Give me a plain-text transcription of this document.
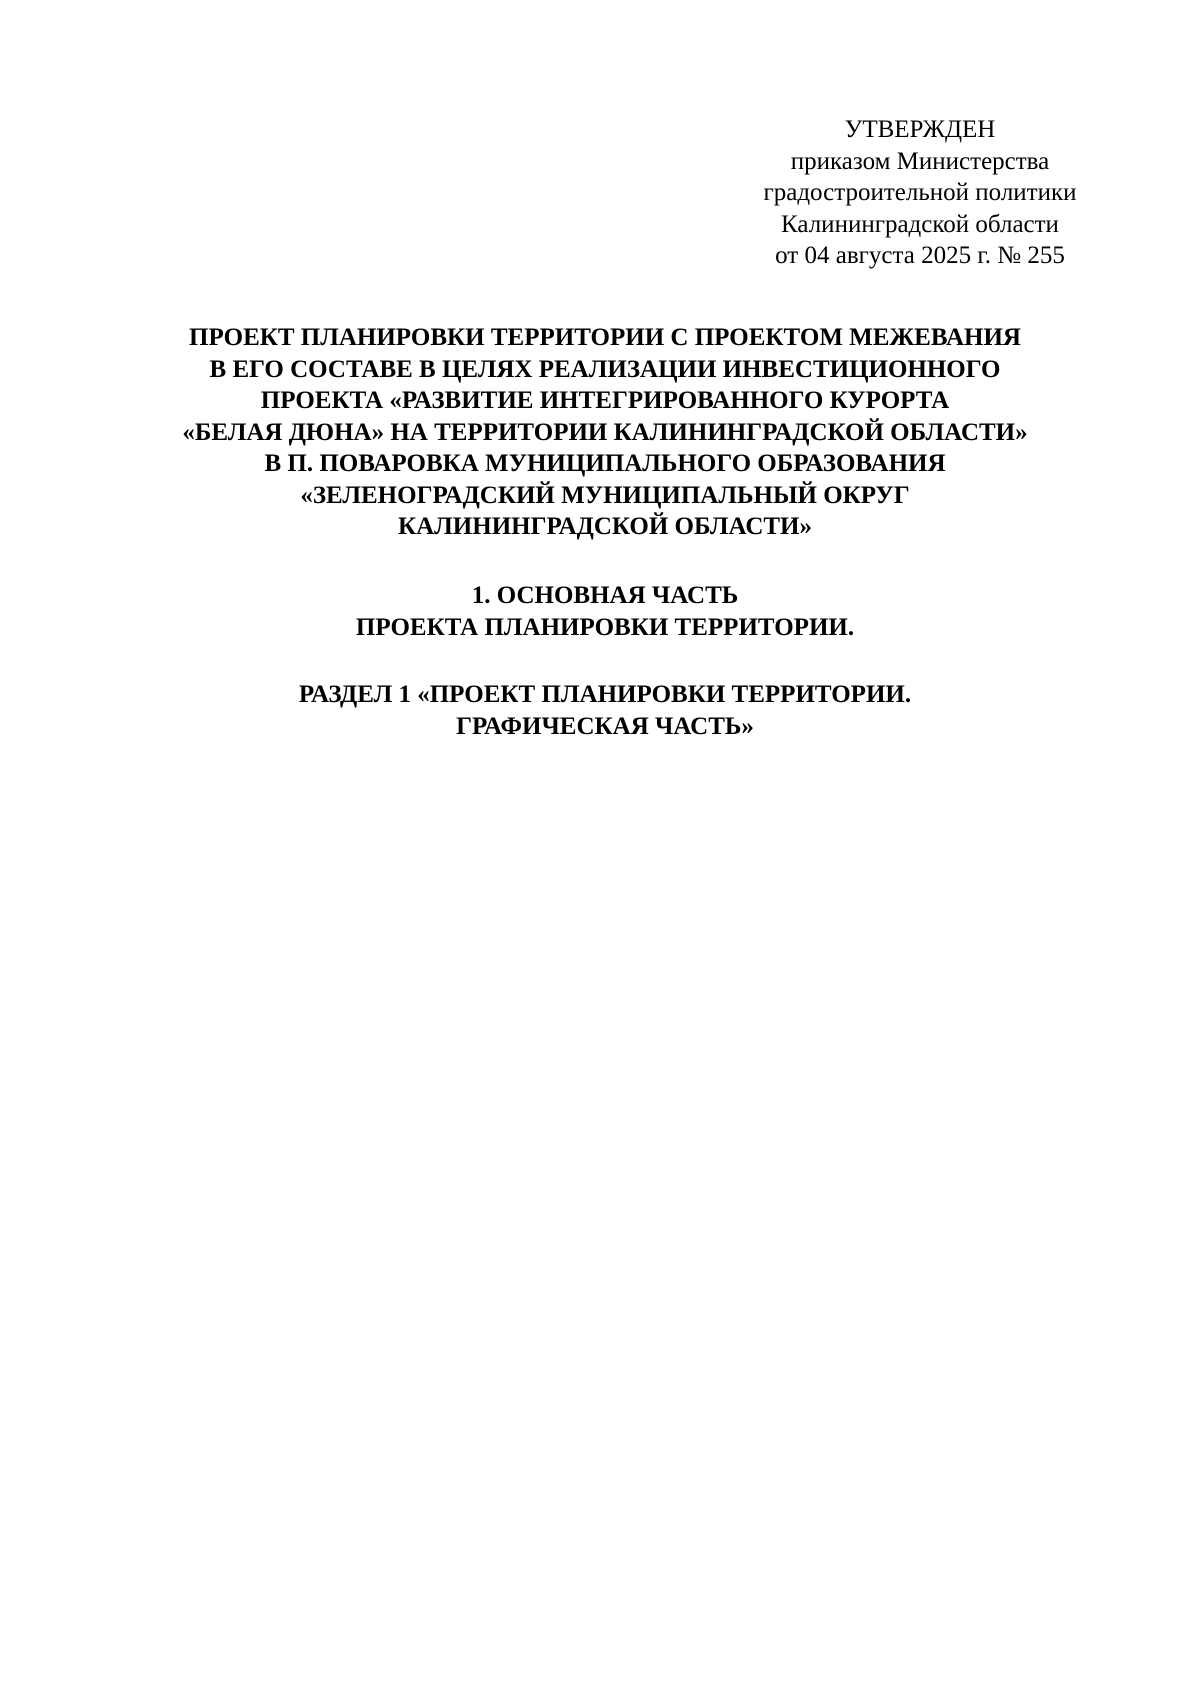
УТВЕРЖДЕН
приказом Министерства
градостроительной политики
Калининградской области
от 04 августа 2025 г. № 255
ПРОЕКТ ПЛАНИРОВКИ ТЕРРИТОРИИ С ПРОЕКТОМ МЕЖЕВАНИЯ
В ЕГО СОСТАВЕ В ЦЕЛЯХ РЕАЛИЗАЦИИ ИНВЕСТИЦИОННОГО
ПРОЕКТА «РАЗВИТИЕ ИНТЕГРИРОВАННОГО КУРОРТА
«БЕЛАЯ ДЮНА» НА ТЕРРИТОРИИ КАЛИНИНГРАДСКОЙ ОБЛАСТИ»
В П. ПОВАРОВКА МУНИЦИПАЛЬНОГО ОБРАЗОВАНИЯ
«ЗЕЛЕНОГРАДСКИЙ МУНИЦИПАЛЬНЫЙ ОКРУГ
КАЛИНИНГРАДСКОЙ ОБЛАСТИ»
1. ОСНОВНАЯ ЧАСТЬ
ПРОЕКТА ПЛАНИРОВКИ ТЕРРИТОРИИ.
РАЗДЕЛ 1 «ПРОЕКТ ПЛАНИРОВКИ ТЕРРИТОРИИ.
ГРАФИЧЕСКАЯ ЧАСТЬ»
